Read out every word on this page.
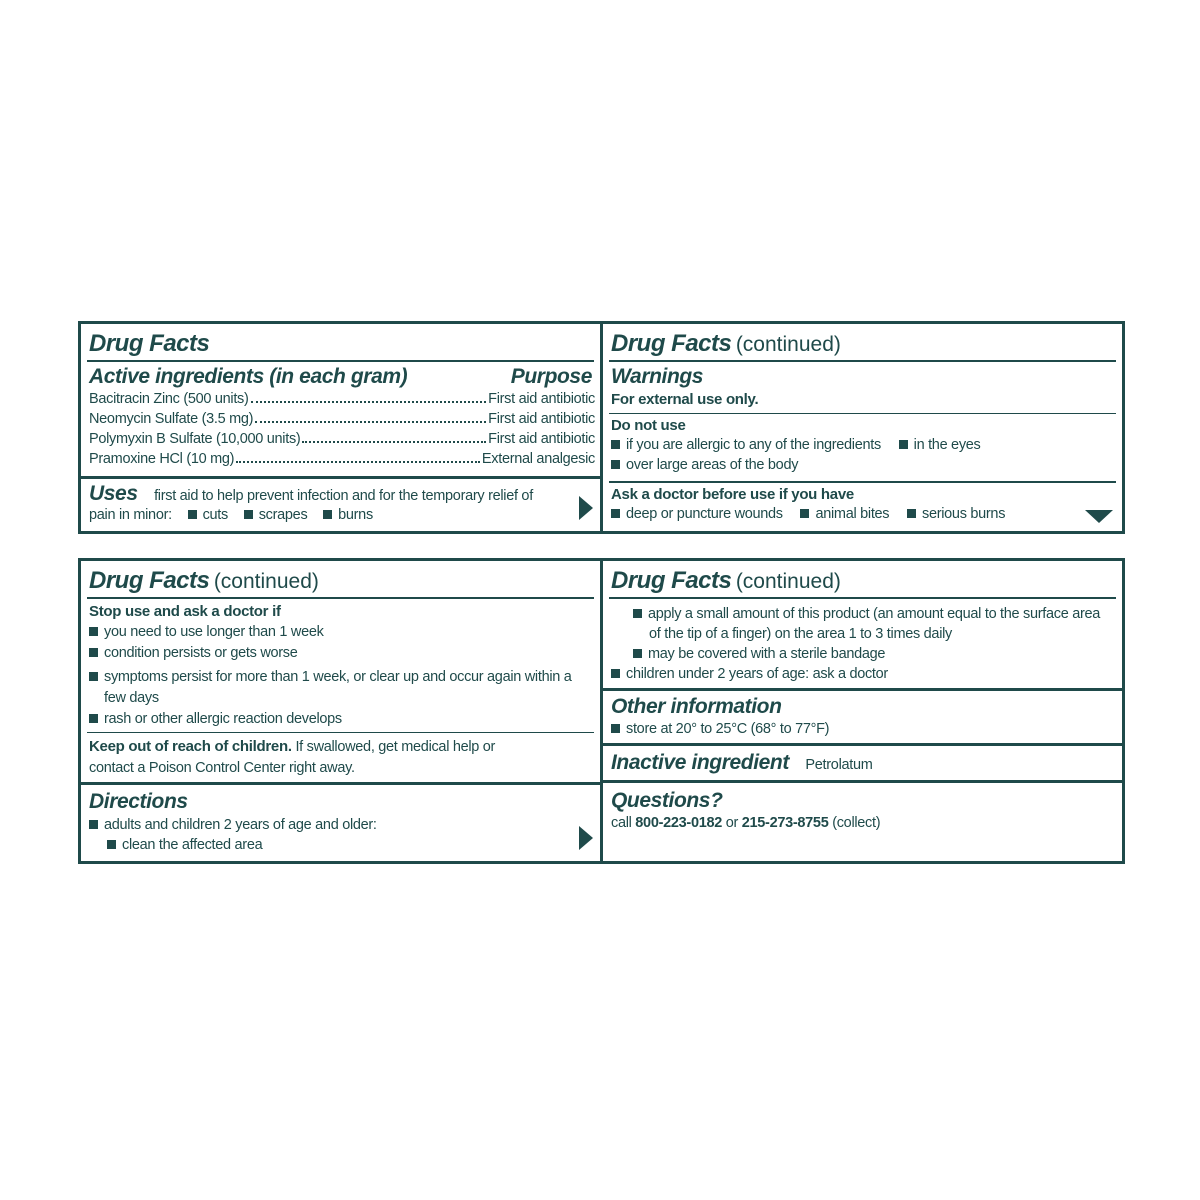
Drug Facts
Active ingredients (in each gram)	Purpose
Bacitracin Zinc (500 units)	First aid antibiotic
Neomycin Sulfate (3.5 mg)	First aid antibiotic
Polymyxin B Sulfate (10,000 units)	First aid antibiotic
Pramoxine HCl (10 mg)	External analgesic
Uses first aid to help prevent infection and for the temporary relief of
pain in minor: cuts scrapes burns
Drug Facts (continued)
Warnings
For external use only.
Do not use
if you are allergic to any of the ingredients in the eyes
over large areas of the body
Ask a doctor before use if you have
deep or puncture wounds animal bites serious burns
Drug Facts (continued)
Stop use and ask a doctor if
you need to use longer than 1 week
condition persists or gets worse
symptoms persist for more than 1 week, or clear up and occur again within a
few days
rash or other allergic reaction develops
Keep out of reach of children. If swallowed, get medical help or
contact a Poison Control Center right away.
Directions
adults and children 2 years of age and older:
clean the affected area
Drug Facts (continued)
apply a small amount of this product (an amount equal to the surface area
of the tip of a finger) on the area 1 to 3 times daily
may be covered with a sterile bandage
children under 2 years of age: ask a doctor
Other information
store at 20° to 25°C (68° to 77°F)
Inactive ingredient Petrolatum
Questions?
call 800-223-0182 or 215-273-8755 (collect)
